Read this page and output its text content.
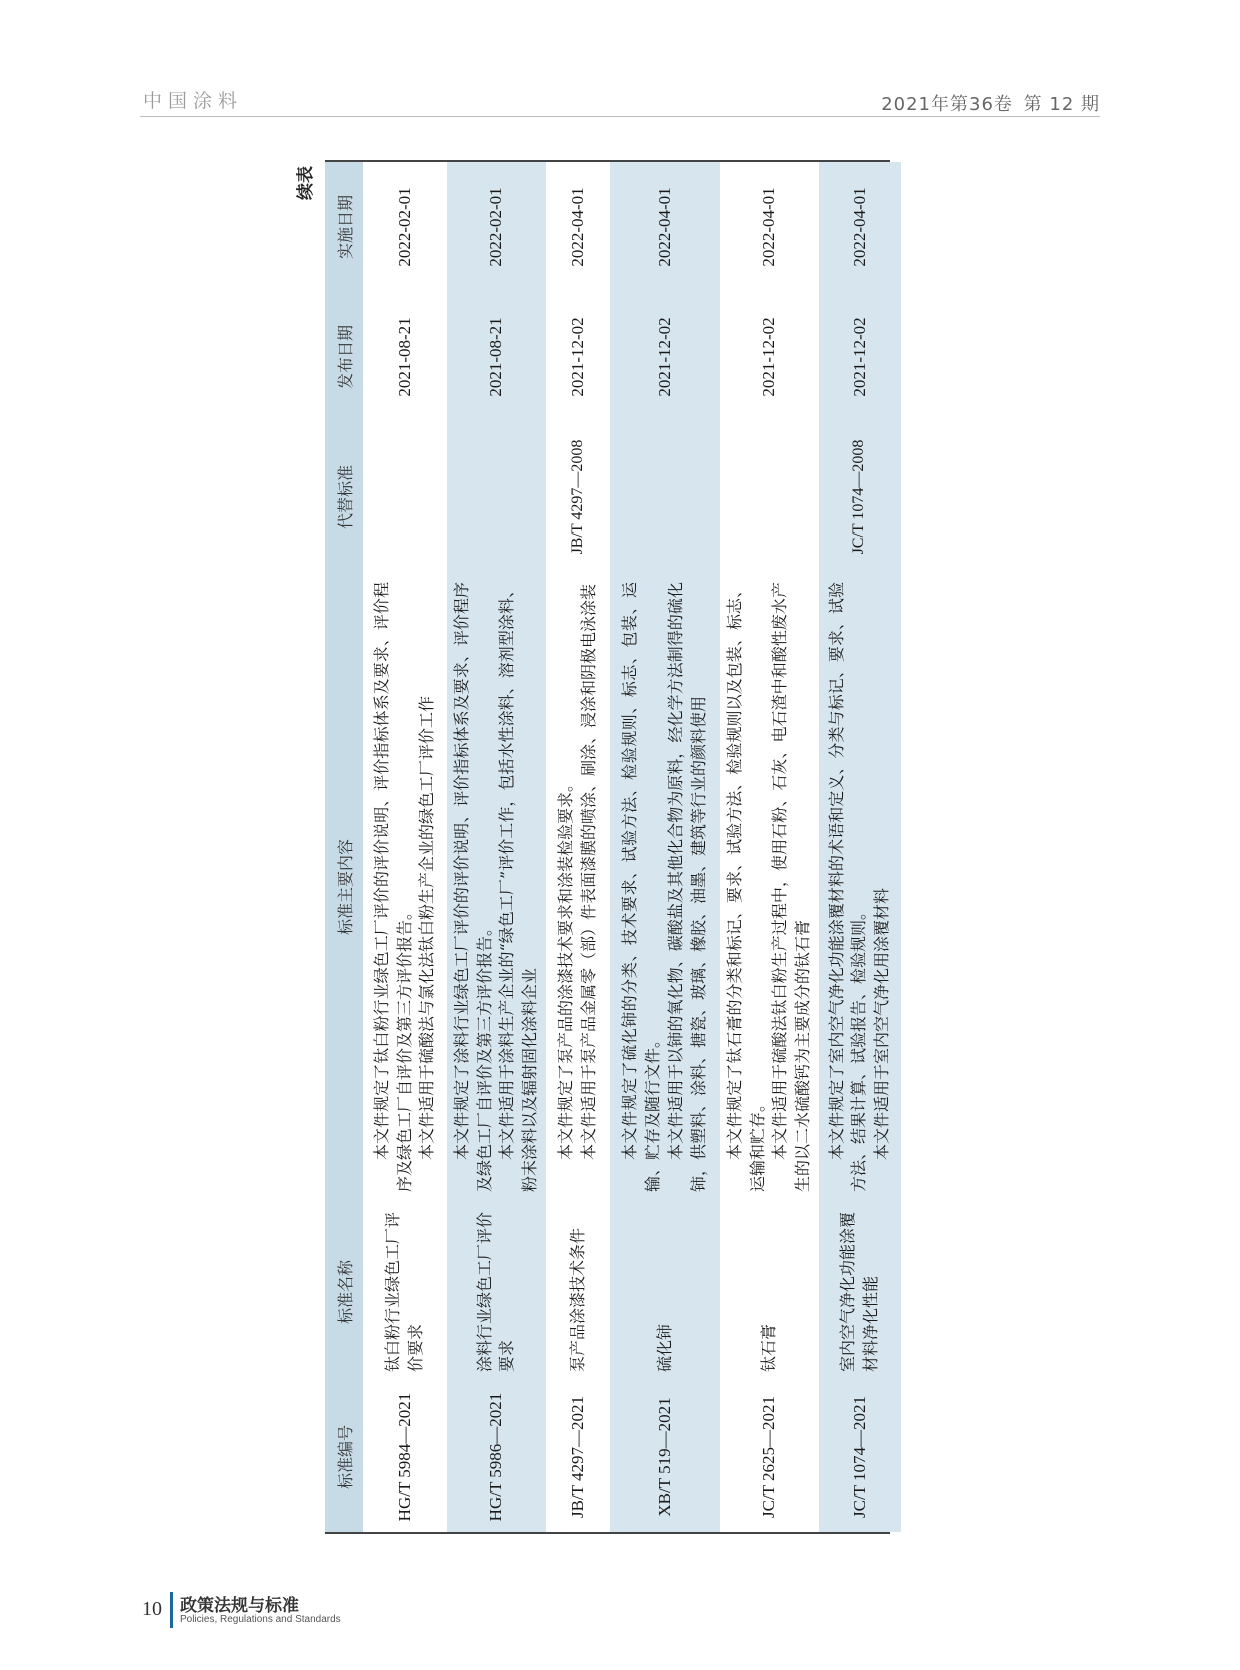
中国涂料	2021年第36卷 第 12 期
续表
标准编号	标准名称	标准主要内容	代替标准	发布日期	实施日期
HG/T 5984—2021	钛白粉行业绿色工厂评价要求	本文件规定了钛白粉行业绿色工厂评价的评价说明、评价指标体系及要求、评价程序及绿色工厂自评价及第三方评价报告。 本文件适用于硫酸法与氯化法钛白粉生产企业的绿色工厂评价工作		2021-08-21	2022-02-01
HG/T 5986—2021	涂料行业绿色工厂评价要求	本文件规定了涂料行业绿色工厂评价的评价说明、评价指标体系及要求、评价程序及绿色工厂自评价及第三方评价报告。 本文件适用于涂料生产企业的“绿色工厂”评价工作，包括水性涂料、溶剂型涂料、粉末涂料以及辐射固化涂料企业		2021-08-21	2022-02-01
JB/T 4297—2021	泵产品涂漆技术条件	本文件规定了泵产品的涂漆技术要求和涂装检验要求。 本文件适用于泵产品金属零（部）件表面漆膜的喷涂、刷涂、浸涂和阴极电泳涂装	JB/T 4297—2008	2021-12-02	2022-04-01
XB/T 519—2021	硫化铈	本文件规定了硫化铈的分类、技术要求、试验方法、检验规则、标志、包装、运输、贮存及随行文件。 本文件适用于以铈的氧化物、碳酸盐及其他化合物为原料，经化学方法制得的硫化铈，供塑料、涂料、搪瓷、玻璃、橡胶、油墨、建筑等行业的颜料使用		2021-12-02	2022-04-01
JC/T 2625—2021	钛石膏	本文件规定了钛石膏的分类和标记、要求、试验方法、检验规则以及包装、标志、运输和贮存。 本文件适用于硫酸法钛白粉生产过程中，使用石粉、石灰、电石渣中和酸性废水产生的以二水硫酸钙为主要成分的钛石膏		2021-12-02	2022-04-01
JC/T 1074—2021	室内空气净化功能涂覆材料净化性能	本文件规定了室内空气净化功能涂覆材料的术语和定义、分类与标记、要求、试验方法、结果计算、试验报告、检验规则。 本文件适用于室内空气净化用涂覆材料	JC/T 1074—2008	2021-12-02	2022-04-01
10 政策法规与标准
Policies, Regulations and Standards
